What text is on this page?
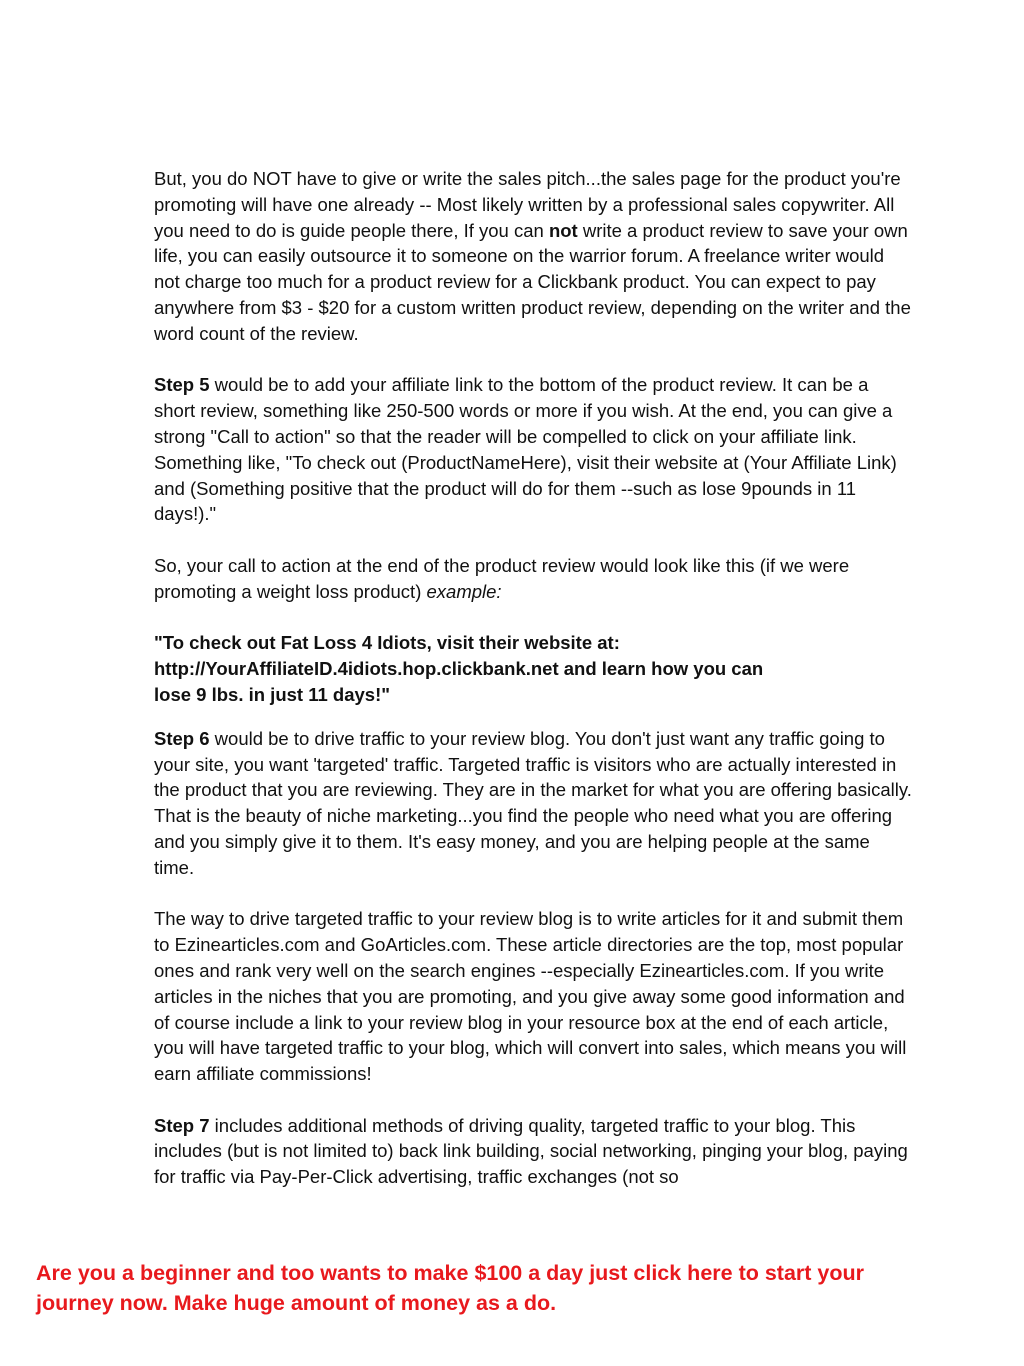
But, you do NOT have to give or write the sales pitch...the sales page for the product you're promoting will have one already -- Most likely written by a professional sales copywriter. All you need to do is guide people there, If you can not write a product review to save your own life, you can easily outsource it to someone on the warrior forum. A freelance writer would not charge too much for a product review for a Clickbank product. You can expect to pay anywhere from $3 - $20 for a custom written product review, depending on the writer and the word count of the review.

Step 5 would be to add your affiliate link to the bottom of the product review. It can be a short review, something like 250-500 words or more if you wish. At the end, you can give a strong "Call to action" so that the reader will be compelled to click on your affiliate link. Something like, "To check out (ProductNameHere), visit their website at (Your Affiliate Link) and (Something positive that the product will do for them --such as lose 9pounds in 11 days!)."

So, your call to action at the end of the product review would look like this (if we were promoting a weight loss product) example:

"To check out Fat Loss 4 Idiots, visit their website at:
http://YourAffiliateID.4idiots.hop.clickbank.net and learn how you can
lose 9 lbs. in just 11 days!"

Step 6 would be to drive traffic to your review blog. You don't just want any traffic going to your site, you want 'targeted' traffic. Targeted traffic is visitors who are actually interested in the product that you are reviewing. They are in the market for what you are offering basically. That is the beauty of niche marketing...you find the people who need what you are offering and you simply give it to them. It's easy money, and you are helping people at the same time.

The way to drive targeted traffic to your review blog is to write articles for it and submit them to Ezinearticles.com and GoArticles.com. These article directories are the top, most popular ones and rank very well on the search engines --especially Ezinearticles.com. If you write articles in the niches that you are promoting, and you give away some good information and of course include a link to your review blog in your resource box at the end of each article, you will have targeted traffic to your blog, which will convert into sales, which means you will earn affiliate commissions!

Step 7 includes additional methods of driving quality, targeted traffic to your blog. This includes (but is not limited to) back link building, social networking, pinging your blog, paying for traffic via Pay-Per-Click advertising, traffic exchanges (not so

Are you a beginner and too wants to make $100 a day just click here to start your
journey now. Make huge amount of money as a do.
